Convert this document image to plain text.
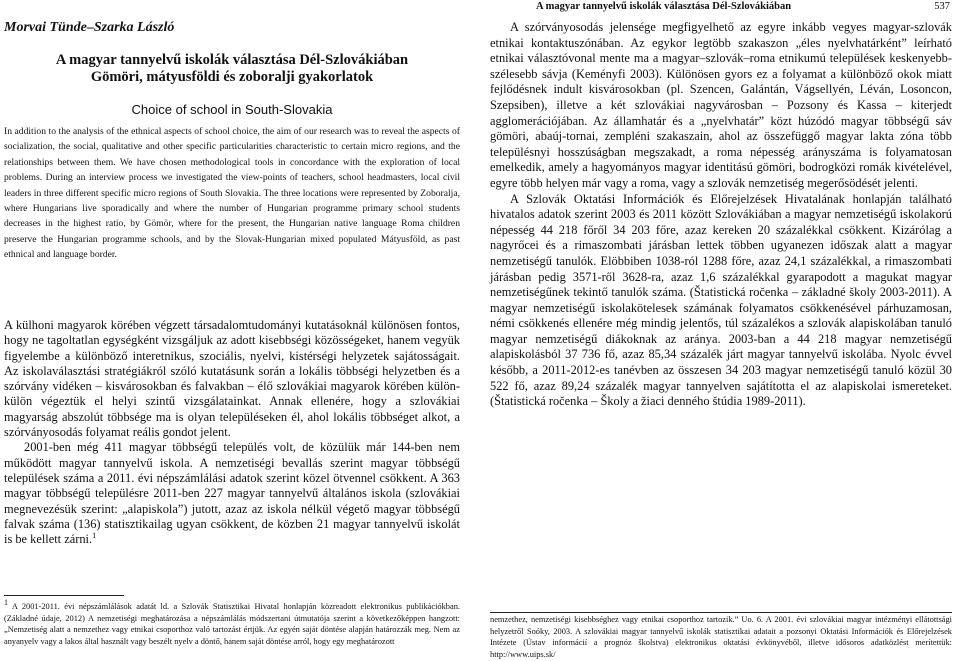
Morvai Tünde–Szarka László
A magyar tannyelvű iskolák választása Dél-Szlovákiában
Gömöri, mátyusföldi és zoboralji gyakorlatok
Choice of school in South-Slovakia
In addition to the analysis of the ethnical aspects of school choice, the aim of our research was to reveal the aspects of socialization, the social, qualitative and other specific particularities characteristic to certain micro regions, and the relationships between them. We have chosen methodological tools in concordance with the exploration of local problems. During an interview process we investigated the view-points of teachers, school headmasters, local civil leaders in three different specific micro regions of South Slovakia. The three locations were represented by Zoboralja, where Hungarians live sporadically and where the number of Hungarian programme primary school students decreases in the highest ratio, by Gömör, where for the present, the Hungarian native language Roma children preserve the Hungarian programme schools, and by the Slovak-Hungarian mixed populated Mátyusföld, as past ethnical and language border.

A külhoni magyarok körében végzett társadalomtudományi kutatásoknál különösen fontos, hogy ne tagoltatlan egységként vizsgáljuk az adott kisebbségi közösségeket, hanem vegyük figyelembe a különböző interetnikus, szociális, nyelvi, kistérségi helyzetek sajátosságait. Az iskolaválasztási stratégiákról szóló kutatásunk során a lokális többségi helyzetben és a szórvány vidéken – kisvárosokban és falvakban – élő szlovákiai magyarok körében külön-külön végeztük el helyi szintű vizsgálatainkat. Annak ellenére, hogy a szlovákiai magyarság abszolút többsége ma is olyan településeken él, ahol lokális többséget alkot, a szórványosodás folyamat reális gondot jelent.

2001-ben még 411 magyar többségű település volt, de közülük már 144-ben nem működött magyar tannyelvű iskola. A nemzetiségi bevallás szerint magyar többségű települések száma a 2011. évi népszámlálási adatok szerint közel ötvennel csökkent. A 363 magyar többségű településre 2011-ben 227 magyar tannyelvű általános iskola (szlovákiai megnevezésük szerint: „alapiskola”) jutott, azaz az iskola nélkül végető magyar többségű falvak száma (136) statisztikailag ugyan csökkent, de közben 21 magyar tannyelvű iskolát is be kellett zárni.$^1$

$^1$ A 2001-2011. évi népszámlálások adatát ld. a Szlovák Statisztikai Hivatal honlapján közreadott elektronikus publikációkban. (Základné údaje, 2012) A nemzetiségi meghatározása a népszámlálás módszertani útmutatója szerint a következőképpen hangzott: „Nemzetiség alatt a nemzethez vagy etnikai csoporthoz való tartozást értjük. Az egyén saját döntése alapján határozzák meg. Nem az anyanyelv vagy a lakos által használt vagy beszélt nyelv a döntő, hanem saját döntése arról, hogy egy meghatározott
A magyar tannyelvű iskolák választása Dél-Szlovákiában	537

A szórványosodás jelensége megfigyelhető az egyre inkább vegyes magyar-szlovák etnikai kontaktuszónában. Az egykor legtöbb szakaszon „éles nyelvhatárként” leírható etnikai választóvonal mente ma a magyar–szlovák–roma etnikumú települések keskenyebb-szélesebb sávja (Keményfi 2003). Különösen gyors ez a folyamat a különböző okok miatt fejlődésnek indult kisvárosokban (pl. Szencen, Galántán, Vágsellyén, Léván, Losoncon, Szepsiben), illetve a két szlovákiai nagyvárosban – Pozsony és Kassa – kiterjedt agglomerációjában. Az államhatár és a „nyelvhatár” közt húzódó magyar többségű sáv gömöri, abaúj-tornai, zempléni szakaszain, ahol az összefüggő magyar lakta zóna több településnyi hosszúságban megszakadt, a roma népesség arányszáma is folyamatosan emelkedik, amely a hagyományos magyar identitású gömöri, bodrogközi romák kivételével, egyre több helyen már vagy a roma, vagy a szlovák nemzetiség megerősödését jelenti.

A Szlovák Oktatási Információk és Előrejelzések Hivatalának honlapján található hivatalos adatok szerint 2003 és 2011 között Szlovákiában a magyar nemzetiségű iskolakorú népesség 44 218 főről 34 203 főre, azaz kereken 20 százalékkal csökkent. Kizárólag a nagyrőcei és a rimaszombati járásban lettek többen ugyanezen időszak alatt a magyar nemzetiségű tanulók. Elöbbiben 1038-ról 1288 főre, azaz 24,1 százalékkal, a rimaszombati járásban pedig 3571-ről 3628-ra, azaz 1,6 százalékkal gyarapodott a magukat magyar nemzetiségűnek tekintő tanulók száma. (Štatistická ročenka – základné školy 2003-2011). A magyar nemzetiségű iskolakötelesek számának folyamatos csökkenésével párhuzamosan, némi csökkenés ellenére még mindig jelentős, túl százalékos a szlovák alapiskolában tanuló magyar nemzetiségű diákoknak az aránya. 2003-ban a 44 218 magyar nemzetiségű alapiskolásból 37 736 fő, azaz 85,34 százalék járt magyar tannyelvű iskolába. Nyolc évvel később, a 2011-2012-es tanévben az összesen 34 203 magyar nemzetiségű tanuló közül 30 522 fő, azaz 89,24 százalék magyar tannyelven sajátította el az alapiskolai ismereteket. (Štatistická ročenka – Školy a žiaci denného štúdia 1989-2011).

nemzethez, nemzetiségi kisebbséghez vagy etnikai csoporthoz tartozik.” Uo. 6. A 2001. évi szlovákiai magyar intézményi ellátottsági helyzetről Soóky, 2003. A szlovákiai magyar tannyelvű iskolák statisztikai adatait a pozsonyi Oktatási Információk és Előrejelzések Intézete (Ústav informácií a prognóz školstva) elektronikus oktatási évkönyvéből, illetve idősoros adatközlést merítettük: http://www.uips.sk/
